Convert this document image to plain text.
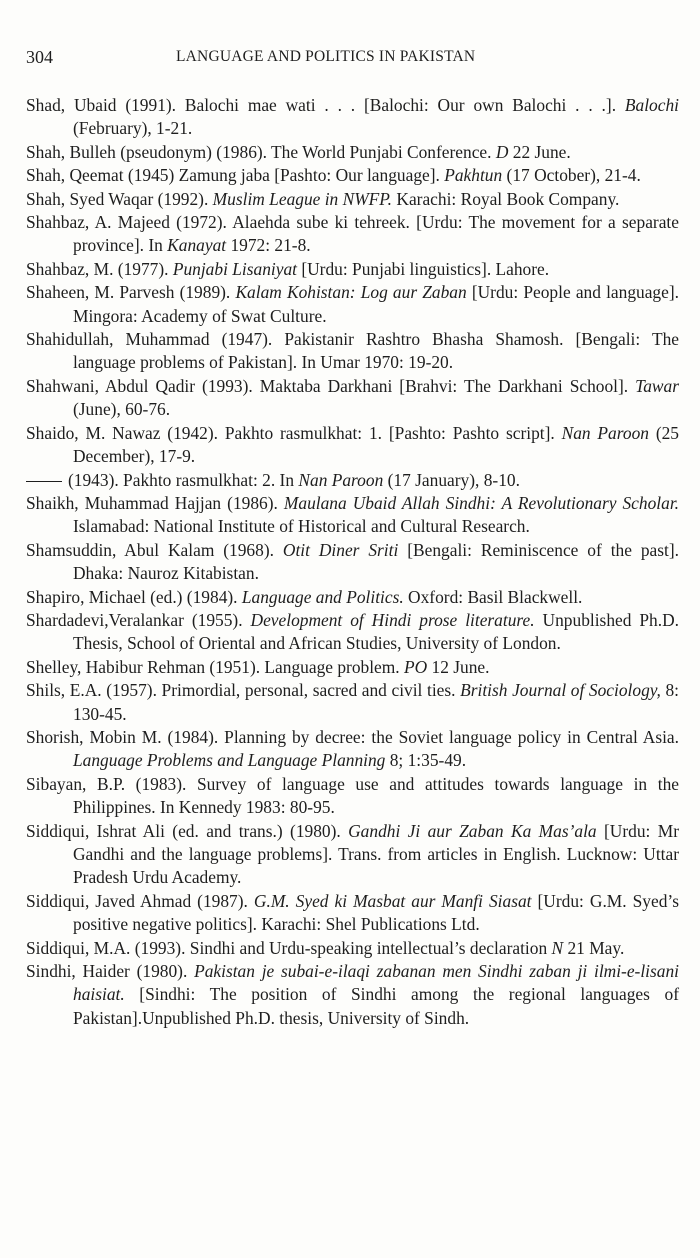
304	LANGUAGE AND POLITICS IN PAKISTAN
Shad, Ubaid (1991). Balochi mae wati . . . [Balochi: Our own Balochi . . .]. Balochi (February), 1-21.
Shah, Bulleh (pseudonym) (1986). The World Punjabi Conference. D 22 June.
Shah, Qeemat (1945) Zamung jaba [Pashto: Our language]. Pakhtun (17 October), 21-4.
Shah, Syed Waqar (1992). Muslim League in NWFP. Karachi: Royal Book Company.
Shahbaz, A. Majeed (1972). Alaehda sube ki tehreek. [Urdu: The movement for a separate province]. In Kanayat 1972: 21-8.
Shahbaz, M. (1977). Punjabi Lisaniyat [Urdu: Punjabi linguistics]. Lahore.
Shaheen, M. Parvesh (1989). Kalam Kohistan: Log aur Zaban [Urdu: People and language]. Mingora: Academy of Swat Culture.
Shahidullah, Muhammad (1947). Pakistanir Rashtro Bhasha Shamosh. [Bengali: The language problems of Pakistan]. In Umar 1970: 19-20.
Shahwani, Abdul Qadir (1993). Maktaba Darkhani [Brahvi: The Darkhani School]. Tawar (June), 60-76.
Shaido, M. Nawaz (1942). Pakhto rasmulkhat: 1. [Pashto: Pashto script]. Nan Paroon (25 December), 17-9.
(1943). Pakhto rasmulkhat: 2. In Nan Paroon (17 January), 8-10.
Shaikh, Muhammad Hajjan (1986). Maulana Ubaid Allah Sindhi: A Revolutionary Scholar. Islamabad: National Institute of Historical and Cultural Research.
Shamsuddin, Abul Kalam (1968). Otit Diner Sriti [Bengali: Reminiscence of the past]. Dhaka: Nauroz Kitabistan.
Shapiro, Michael (ed.) (1984). Language and Politics. Oxford: Basil Blackwell.
Shardadevi,Veralankar (1955). Development of Hindi prose literature. Unpublished Ph.D. Thesis, School of Oriental and African Studies, University of London.
Shelley, Habibur Rehman (1951). Language problem. PO 12 June.
Shils, E.A. (1957). Primordial, personal, sacred and civil ties. British Journal of Sociology, 8: 130-45.
Shorish, Mobin M. (1984). Planning by decree: the Soviet language policy in Central Asia. Language Problems and Language Planning 8; 1:35-49.
Sibayan, B.P. (1983). Survey of language use and attitudes towards language in the Philippines. In Kennedy 1983: 80-95.
Siddiqui, Ishrat Ali (ed. and trans.) (1980). Gandhi Ji aur Zaban Ka Mas’ala [Urdu: Mr Gandhi and the language problems]. Trans. from articles in English. Lucknow: Uttar Pradesh Urdu Academy.
Siddiqui, Javed Ahmad (1987). G.M. Syed ki Masbat aur Manfi Siasat [Urdu: G.M. Syed’s positive negative politics]. Karachi: Shel Publications Ltd.
Siddiqui, M.A. (1993). Sindhi and Urdu-speaking intellectual’s declaration N 21 May.
Sindhi, Haider (1980). Pakistan je subai-e-ilaqi zabanan men Sindhi zaban ji ilmi-e-lisani haisiat. [Sindhi: The position of Sindhi among the regional languages of Pakistan].Unpublished Ph.D. thesis, University of Sindh.
